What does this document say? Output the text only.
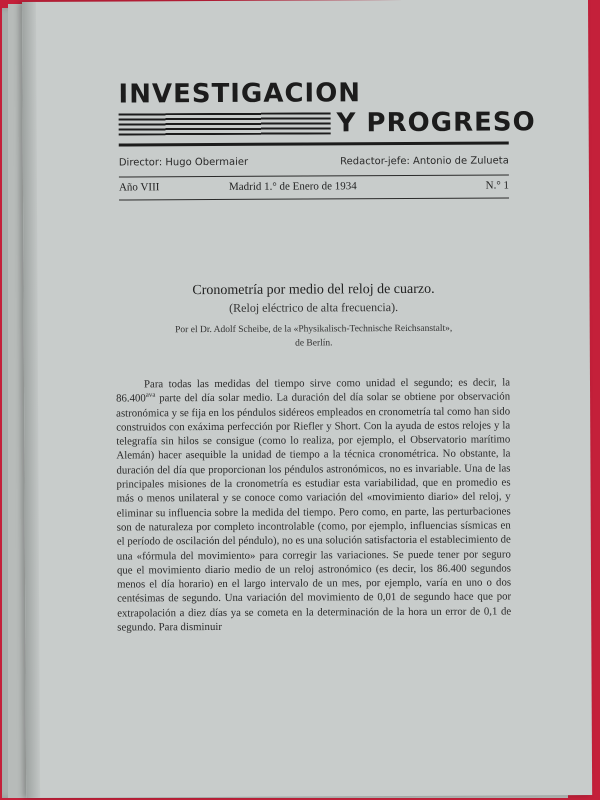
INVESTIGACION
Y PROGRESO
Director: Hugo Obermaier	Redactor-jefe: Antonio de Zulueta
Año VIII	Madrid 1.° de Enero de 1934	N.° 1
Cronometría por medio del reloj de cuarzo.
(Reloj eléctrico de alta frecuencia).
Por el Dr. Adolf Scheibe, de la «Physikalisch-Technische Reichsanstalt»,
de Berlín.
Para todas las medidas del tiempo sirve como unidad el segundo; es decir, la $86.400^{ava}$ parte del día solar medio. La duración del día solar se obtiene por observación astronómica y se fija en los péndulos sidéreos empleados en cronometría tal como han sido construidos con exáxima perfección por Riefler y Short. Con la ayuda de estos relojes y la telegrafía sin hilos se consigue (como lo realiza, por ejemplo, el Observatorio marítimo Alemán) hacer asequible la unidad de tiempo a la técnica cronométrica. No obstante, la duración del día que proporcionan los péndulos astronómicos, no es invariable. Una de las principales misiones de la cronometría es estudiar esta variabilidad, que en promedio es más o menos unilateral y se conoce como variación del «movimiento diario» del reloj, y eliminar su influencia sobre la medida del tiempo. Pero como, en parte, las perturbaciones son de naturaleza por completo incontrolable (como, por ejemplo, influencias sísmicas en el período de oscilación del péndulo), no es una solución satisfactoria el establecimiento de una «fórmula del movimiento» para corregir las variaciones. Se puede tener por seguro que el movimiento diario medio de un reloj astronómico (es decir, los 86.400 segundos menos el día horario) en el largo intervalo de un mes, por ejemplo, varía en uno o dos centésimas de segundo. Una variación del movimiento de 0,01 de segundo hace que por extrapolación a diez días ya se cometa en la determinación de la hora un error de 0,1 de segundo. Para disminuir
